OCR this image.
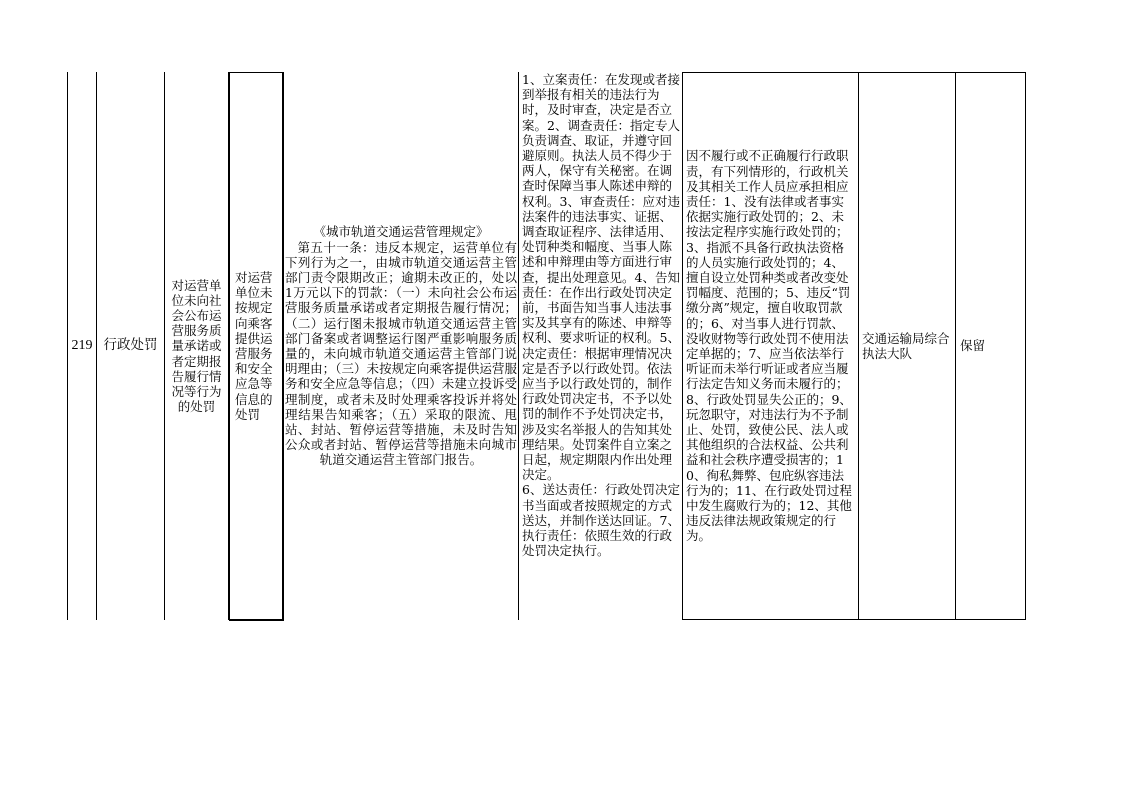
219 行政处罚
对运营单
位未向社
会公布运
营服务质
量承诺或
者定期报
告履行情
况等行为
的处罚
对运营
单位未
按规定
向乘客
提供运
营服务
和安全
应急等
信息的
处罚
《城市轨道交通运营管理规定》
第五十一条：违反本规定，运营单位有下列行为之一，由城市轨道交通运营主管部门责令限期改正；逾期未改正的，处以1万元以下的罚款：（一）未向社会公布运营服务质量承诺或者定期报告履行情况；（二）运行图未报城市轨道交通运营主管部门备案或者调整运行图严重影响服务质量的，未向城市轨道交通运营主管部门说明理由；（三）未按规定向乘客提供运营服务和安全应急等信息；（四）未建立投诉受理制度，或者未及时处理乘客投诉并将处理结果告知乘客；（五）采取的限流、甩站、封站、暂停运营等措施，未及时告知公众或者封站、暂停运营等措施未向城市轨道交通运营主管部门报告。
1、立案责任：在发现或者接到举报有相关的违法行为时，及时审查，决定是否立案。2、调查责任：指定专人负责调查、取证，并遵守回避原则。执法人员不得少于两人，保守有关秘密。在调查时保障当事人陈述申辩的权利。3、审查责任：应对违法案件的违法事实、证据、调查取证程序、法律适用、处罚种类和幅度、当事人陈述和申辩理由等方面进行审查，提出处理意见。4、告知责任：在作出行政处罚决定前，书面告知当事人违法事实及其享有的陈述、申辩等权利、要求听证的权利。5、决定责任：根据审理情况决定是否予以行政处罚。依法应当予以行政处罚的，制作行政处罚决定书，不予以处罚的制作不予处罚决定书，涉及实名举报人的告知其处理结果。处罚案件自立案之日起，规定期限内作出处理决定。
6、送达责任：行政处罚决定书当面或者按照规定的方式送达，并制作送达回证。7、执行责任：依照生效的行政处罚决定执行。
因不履行或不正确履行行政职责，有下列情形的，行政机关及其相关工作人员应承担相应责任：1、没有法律或者事实依据实施行政处罚的；2、未按法定程序实施行政处罚的；3、指派不具备行政执法资格的人员实施行政处罚的；4、擅自设立处罚种类或者改变处罚幅度、范围的；5、违反“罚缴分离”规定，擅自收取罚款的；6、对当事人进行罚款、没收财物等行政处罚不使用法定单据的；7、应当依法举行听证而未举行听证或者应当履行法定告知义务而未履行的；8、行政处罚显失公正的；9、玩忽职守，对违法行为不予制止、处罚，致使公民、法人或其他组织的合法权益、公共利益和社会秩序遭受损害的；10、徇私舞弊、包庇纵容违法行为的；11、在行政处罚过程中发生腐败行为的；12、其他违反法律法规政策规定的行为。
交通运输局综合执法大队
保留
